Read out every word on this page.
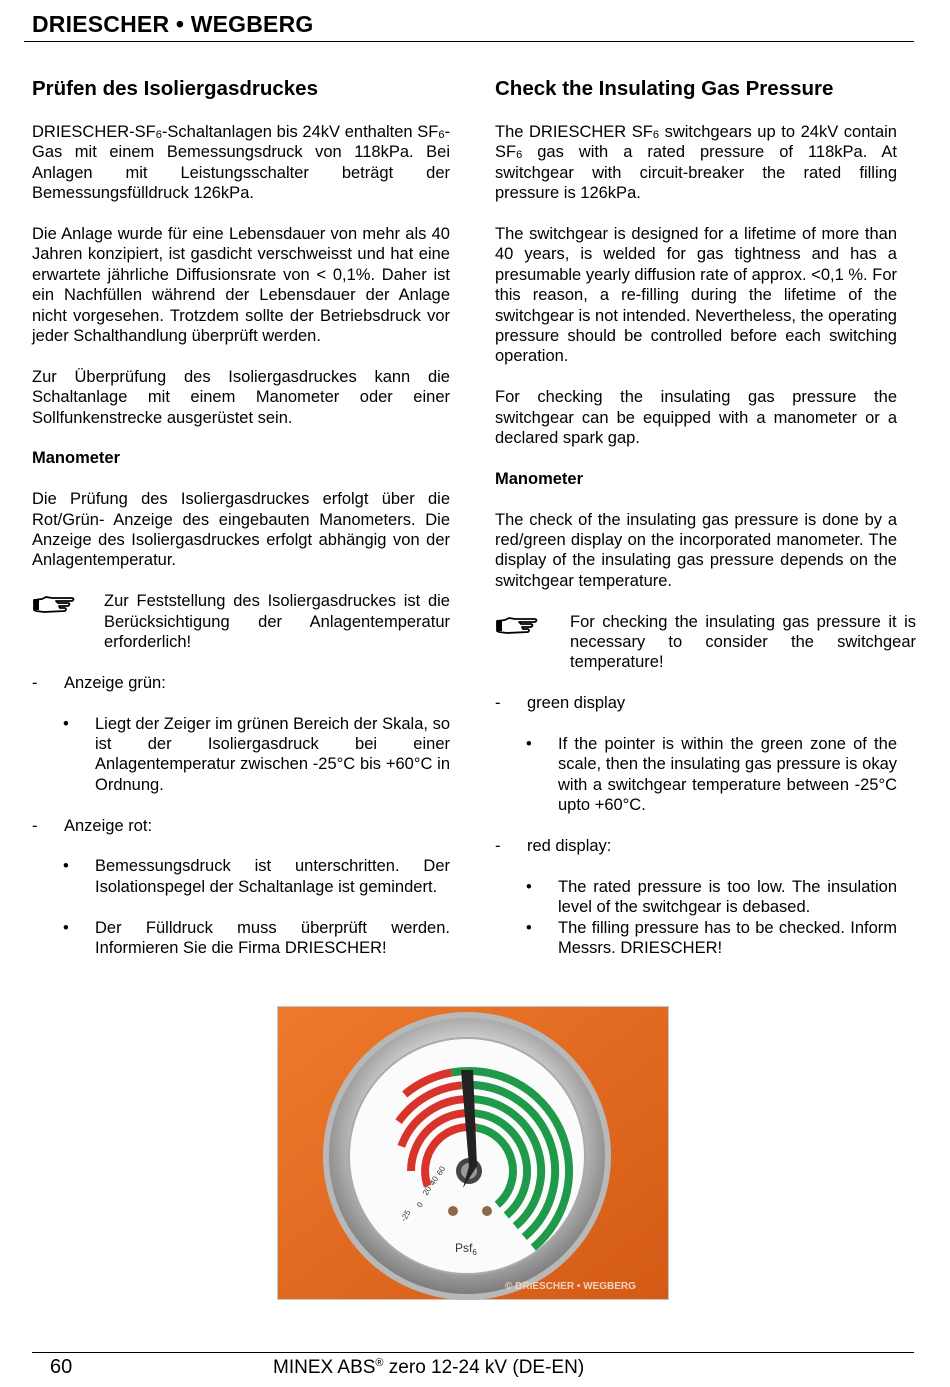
DRIESCHER • WEGBERG
Prüfen des Isoliergasdruckes

DRIESCHER-$SF_6$-Schaltanlagen bis 24kV enthalten $SF_6$-Gas mit einem Bemessungsdruck von 118kPa. Bei Anlagen mit Leistungsschalter beträgt der Bemessungsfülldruck 126kPa.

Die Anlage wurde für eine Lebensdauer von mehr als 40 Jahren konzipiert, ist gasdicht verschweisst und hat eine erwartete jährliche Diffusionsrate von < 0,1%. Daher ist ein Nachfüllen während der Lebensdauer der Anlage nicht vorgesehen. Trotzdem sollte der Betriebsdruck vor jeder Schalthandlung überprüft werden.

Zur Überprüfung des Isoliergasdruckes kann die Schaltanlage mit einem Manometer oder einer Sollfunkenstrecke ausgerüstet sein.

Manometer

Die Prüfung des Isoliergasdruckes erfolgt über die Rot/Grün- Anzeige des eingebauten Manometers. Die Anzeige des Isoliergasdruckes erfolgt abhängig von der Anlagentemperatur.

Zur Feststellung des Isoliergasdruckes ist die Berücksichtigung der Anlagentemperatur erforderlich!
- Anzeige grün:
• Liegt der Zeiger im grünen Bereich der Skala, so ist der Isoliergasdruck bei einer Anlagentemperatur zwischen -25°C bis +60°C in Ordnung.
- Anzeige rot:
• Bemessungsdruck ist unterschritten. Der Isolationspegel der Schaltanlage ist gemindert.
• Der Fülldruck muss überprüft werden. Informieren Sie die Firma DRIESCHER!
Check the Insulating Gas Pressure

The DRIESCHER $SF_6$ switchgears up to 24kV contain $SF_6$ gas with a rated pressure of 118kPa. At switchgear with circuit-breaker the rated filling pressure is 126kPa.

The switchgear is designed for a lifetime of more than 40 years, is welded for gas tightness and has a presumable yearly diffusion rate of approx. <0,1 %. For this reason, a re-filling during the lifetime of the switchgear is not intended. Nevertheless, the operating pressure should be controlled before each switching operation.

For checking the insulating gas pressure the switchgear can be equipped with a manometer or a declared spark gap.

Manometer

The check of the insulating gas pressure is done by a red/green display on the incorporated manometer. The display of the insulating gas pressure depends on the switchgear temperature.

For checking the insulating gas pressure it is necessary to consider the switchgear temperature!
- green display
• If the pointer is within the green zone of the scale, then the insulating gas pressure is okay with a switchgear temperature between -25°C upto +60°C.
- red display:
• The rated pressure is too low. The insulation level of the switchgear is debased.
• The filling pressure has to be checked. Inform Messrs. DRIESCHER!
-25
0
20
40
60
Psf$_6$
© DRIESCHER • WEGBERG
60	MINEX ABS® zero 12-24 kV (DE-EN)
